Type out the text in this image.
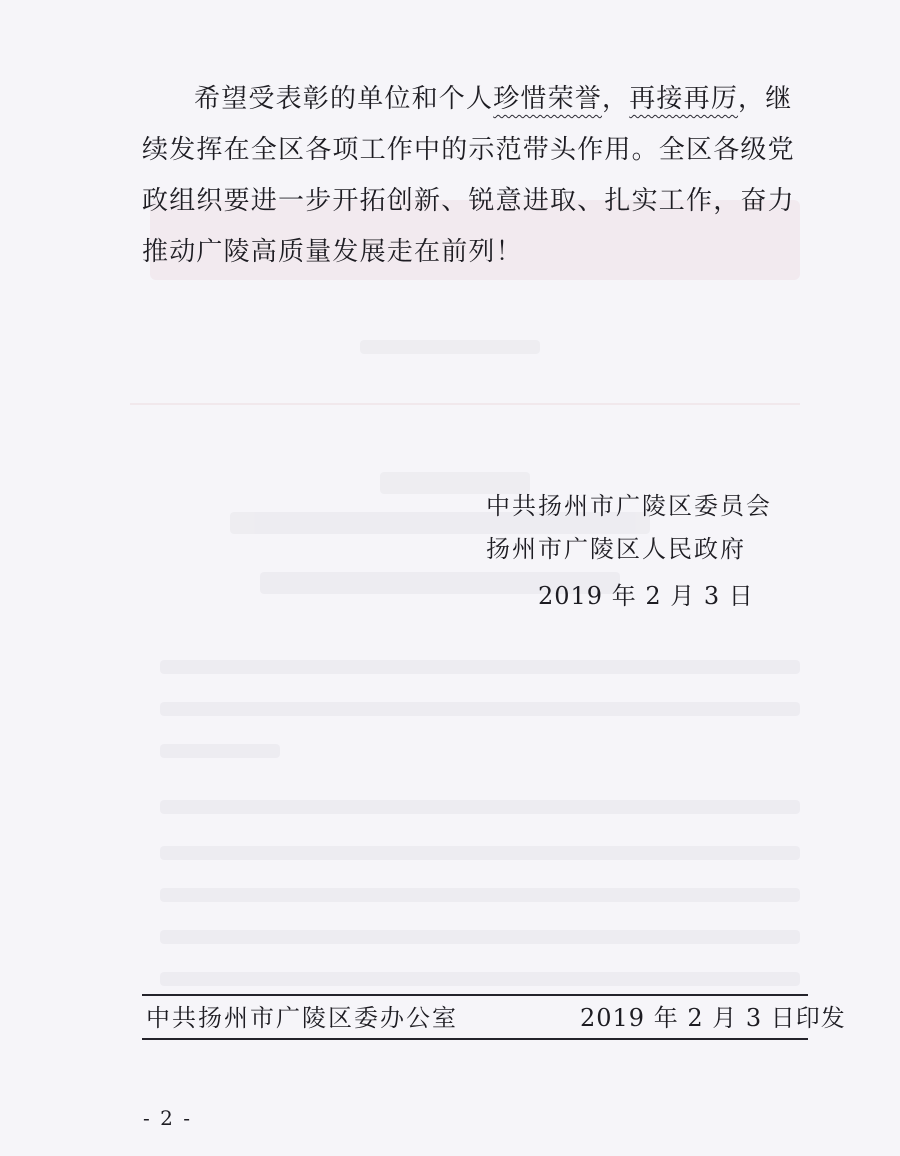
希望受表彰的单位和个人珍惜荣誉，再接再厉，继续发挥在全区各项工作中的示范带头作用。全区各级党政组织要进一步开拓创新、锐意进取、扎实工作，奋力推动广陵高质量发展走在前列！

中共扬州市广陵区委员会
扬州市广陵区人民政府
2019 年 2 月 3 日
中共扬州市广陵区委办公室	2019 年 2 月 3 日印发
- 2 -
